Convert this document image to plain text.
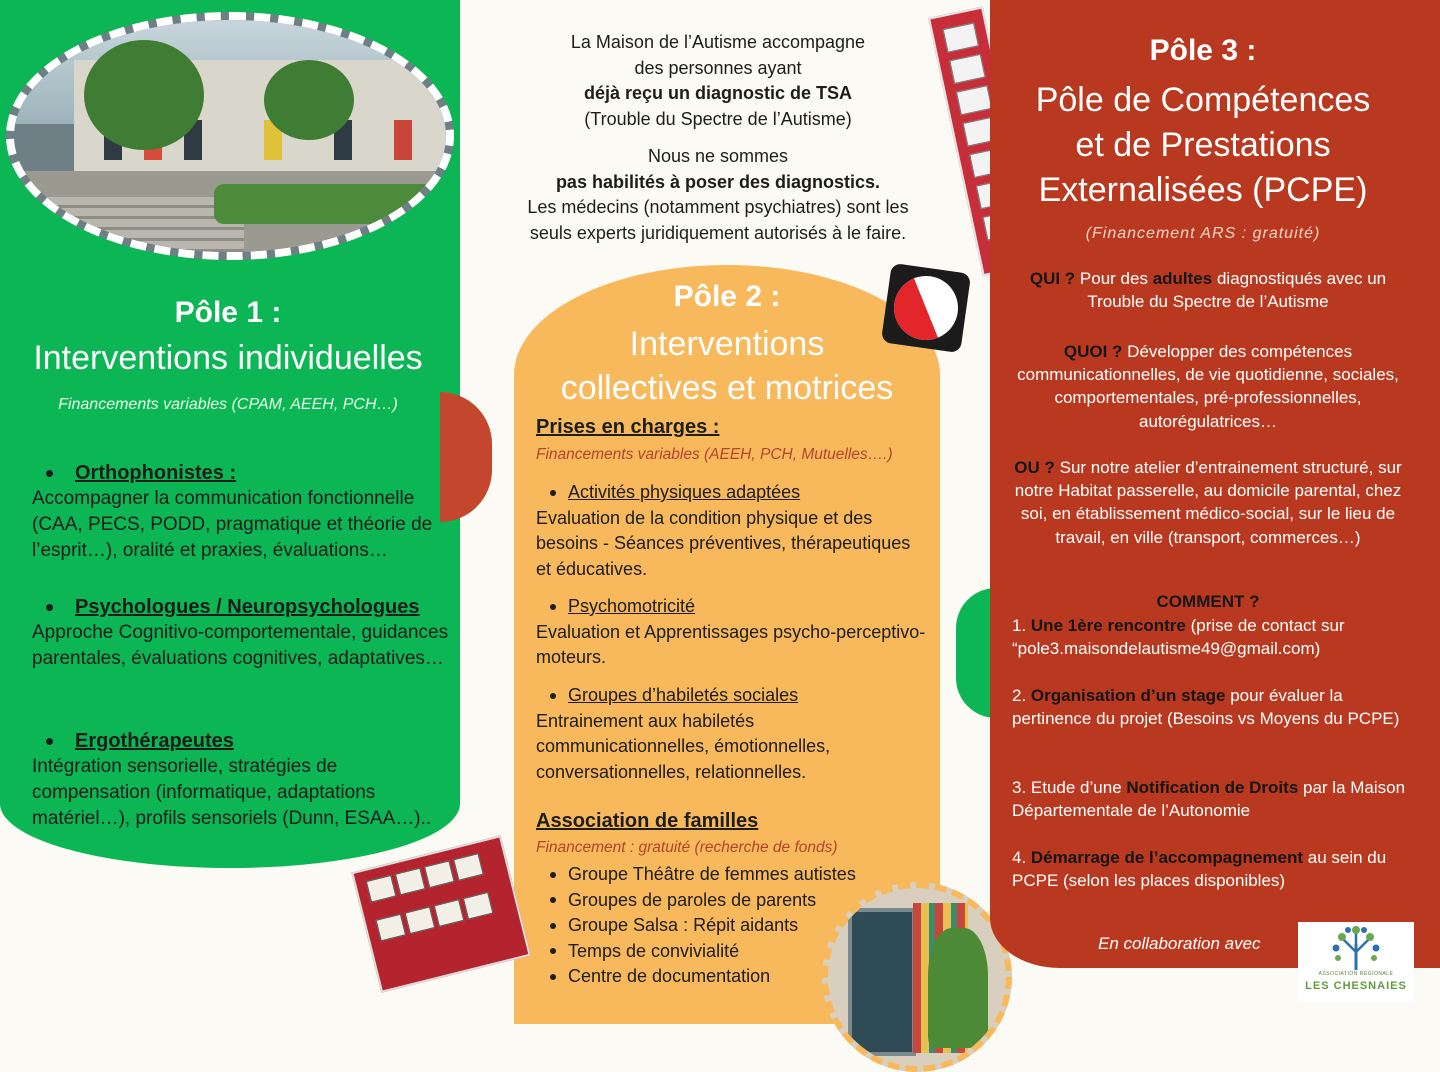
Pôle 1 :
Interventions individuelles
Financements variables (CPAM, AEEH, PCH…)
Orthophonistes :
Accompagner la communication fonctionnelle (CAA, PECS, PODD, pragmatique et théorie de l’esprit…), oralité et praxies, évaluations…
Psychologues / Neuropsychologues
Approche Cognitivo-comportementale, guidances parentales, évaluations cognitives, adaptatives…
Ergothérapeutes
Intégration sensorielle, stratégies de compensation (informatique, adaptations matériel…), profils sensoriels (Dunn, ESAA…)..
La Maison de l’Autisme accompagne
des personnes ayant
déjà reçu un diagnostic de TSA
(Trouble du Spectre de l’Autisme)
Nous ne sommes
pas habilités à poser des diagnostics.
Les médecins (notamment psychiatres) sont les
seuls experts juridiquement autorisés à le faire.
Pôle 2 :
Interventions
collectives et motrices
Prises en charges :
Financements variables (AEEH, PCH, Mutuelles….)
Activités physiques adaptées
Evaluation de la condition physique et des besoins - Séances préventives, thérapeutiques et éducatives.
Psychomotricité
Evaluation et Apprentissages psycho-perceptivo-moteurs.
Groupes d’habiletés sociales
Entrainement aux habiletés communicationnelles, émotionnelles, conversationnelles, relationnelles.
Association de familles
Financement : gratuité (recherche de fonds)
Groupe Théâtre de femmes autistes
Groupes de paroles de parents
Groupe Salsa : Répit aidants
Temps de convivialité
Centre de documentation
Pôle 3 :
Pôle de Compétences
et de Prestations
Externalisées (PCPE)
(Financement ARS : gratuité)
QUI ? Pour des adultes diagnostiqués avec un Trouble du Spectre de l’Autisme
QUOI ? Développer des compétences communicationnelles, de vie quotidienne, sociales, comportementales, pré-professionnelles, autorégulatrices…
OU ? Sur notre atelier d’entrainement structuré, sur notre Habitat passerelle, au domicile parental, chez soi, en établissement médico-social, sur le lieu de travail, en ville (transport, commerces…)
COMMENT ?
1. Une 1ère rencontre (prise de contact sur “pole3.maisondelautisme49@gmail.com)
2. Organisation d’un stage pour évaluer la pertinence du projet (Besoins vs Moyens du PCPE)
3. Etude d’une Notification de Droits par la Maison Départementale de l’Autonomie
4. Démarrage de l’accompagnement au sein du PCPE (selon les places disponibles)
En collaboration avec
ASSOCIATION RÉGIONALE
LES CHESNAIES
